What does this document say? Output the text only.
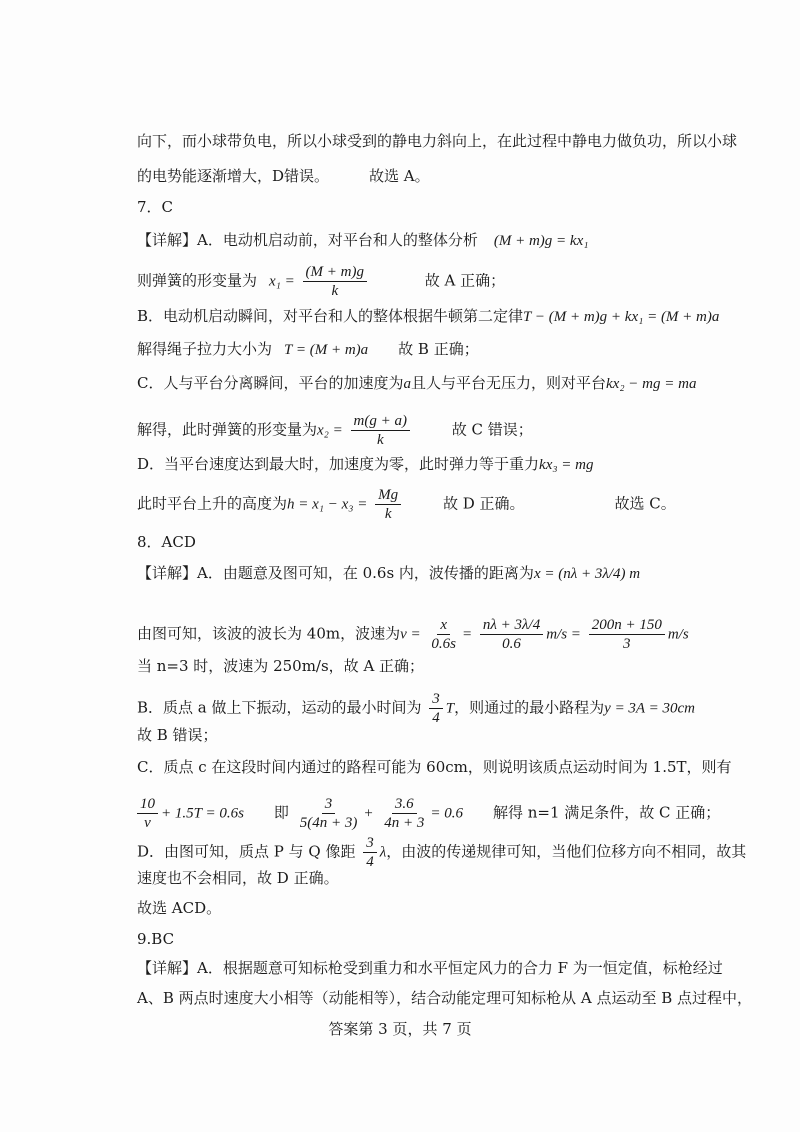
向下，而小球带负电，所以小球受到的静电力斜向上，在此过程中静电力做负功，所以小球
的电势能逐渐增大，D错误。	故选 A。
7．C
【详解】A．电动机启动前，对平台和人的整体分析 (M + m)g = kx₁
则弹簧的形变量为 $x_1 = \frac{(M + m)g}{k}$	故 A 正确；
B．电动机启动瞬间，对平台和人的整体根据牛顿第二定律T − (M + m)g + kx₁ = (M + m)a
解得绳子拉力大小为 T = (M + m)a 故 B 正确；
C．人与平台分离瞬间，平台的加速度为a且人与平台无压力，则对平台kx₂ − mg = ma
解得，此时弹簧的形变量为$x_2 = \frac{m(g + a)}{k}$	故 C 错误；
D．当平台速度达到最大时，加速度为零，此时弹力等于重力kx₃ = mg
此时平台上升的高度为$h = x_1 - x_3 = \frac{Mg}{k}$	故 D 正确。	故选 C。
8．ACD
【详解】A．由题意及图可知，在 0.6s 内，波传播的距离为x = (nλ + 3λ/4) m
由图可知，该波的波长为 40m，波速为$v = \frac{x}{0.6s} = \frac{n\lambda + 3\lambda/4}{0.6} m/s = \frac{200n + 150}{3} m/s$
当 n=3 时，波速为 250m/s，故 A 正确；
B．质点 a 做上下振动，运动的最小时间为 $\frac{3}{4}$ T，则通过的最小路程为y = 3A = 30cm
故 B 错误；
C．质点 c 在这段时间内通过的路程可能为 60cm，则说明该质点运动时间为 1.5T，则有
$\frac{10}{v} + 1.5T = 0.6s$ 即 $\frac{3}{5(4n + 3)} + \frac{3.6}{4n + 3} = 0.6$ 解得 n=1 满足条件，故 C 正确；
D．由图可知，质点 P 与 Q 像距 $\frac{3}{4}$ λ，由波的传递规律可知，当他们位移方向不相同，故其
速度也不会相同，故 D 正确。
故选 ACD。
9.BC
【详解】A．根据题意可知标枪受到重力和水平恒定风力的合力 F 为一恒定值，标枪经过
A、B 两点时速度大小相等（动能相等），结合动能定理可知标枪从 A 点运动至 B 点过程中，
答案第 3 页，共 7 页
